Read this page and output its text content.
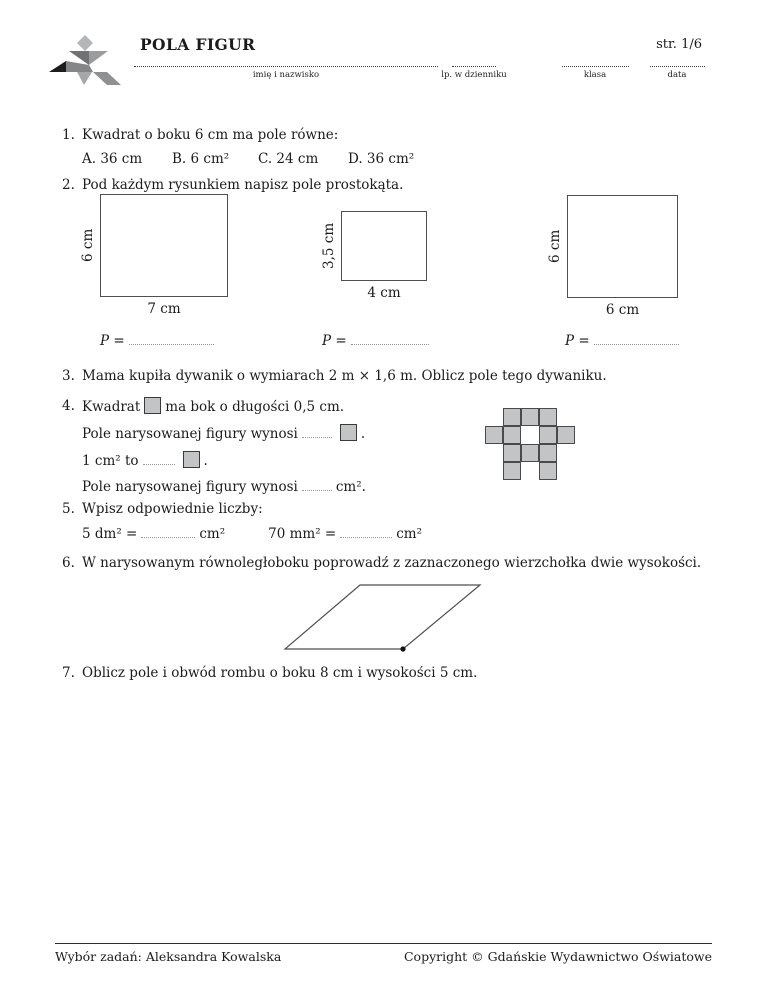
POLA FIGUR	str. 1/6
imię i nazwisko	lp. w dzienniku	klasa	data
1. Kwadrat o boku 6 cm ma pole równe:
A. 36 cm B. 6 cm² C. 24 cm D. 36 cm²
2. Pod każdym rysunkiem napisz pole prostokąta.
6 cm
7 cm
3,5 cm
4 cm
6 cm
6 cm
P =	P =	P =
3. Mama kupiła dywanik o wymiarach 2 m × 1,6 m. Oblicz pole tego dywaniku.
4. Kwadrat ma bok o długości 0,5 cm.
Pole narysowanej figury wynosi	.
1 cm² to	.
Pole narysowanej figury wynosi	cm².
5. Wpisz odpowiednie liczby:
5 dm² =	cm²	70 mm² =	cm²
6. W narysowanym równoległoboku poprowadź z zaznaczonego wierzchołka dwie wysokości.
7. Oblicz pole i obwód rombu o boku 8 cm i wysokości 5 cm.
Wybór zadań: Aleksandra Kowalska	Copyright © Gdańskie Wydawnictwo Oświatowe
